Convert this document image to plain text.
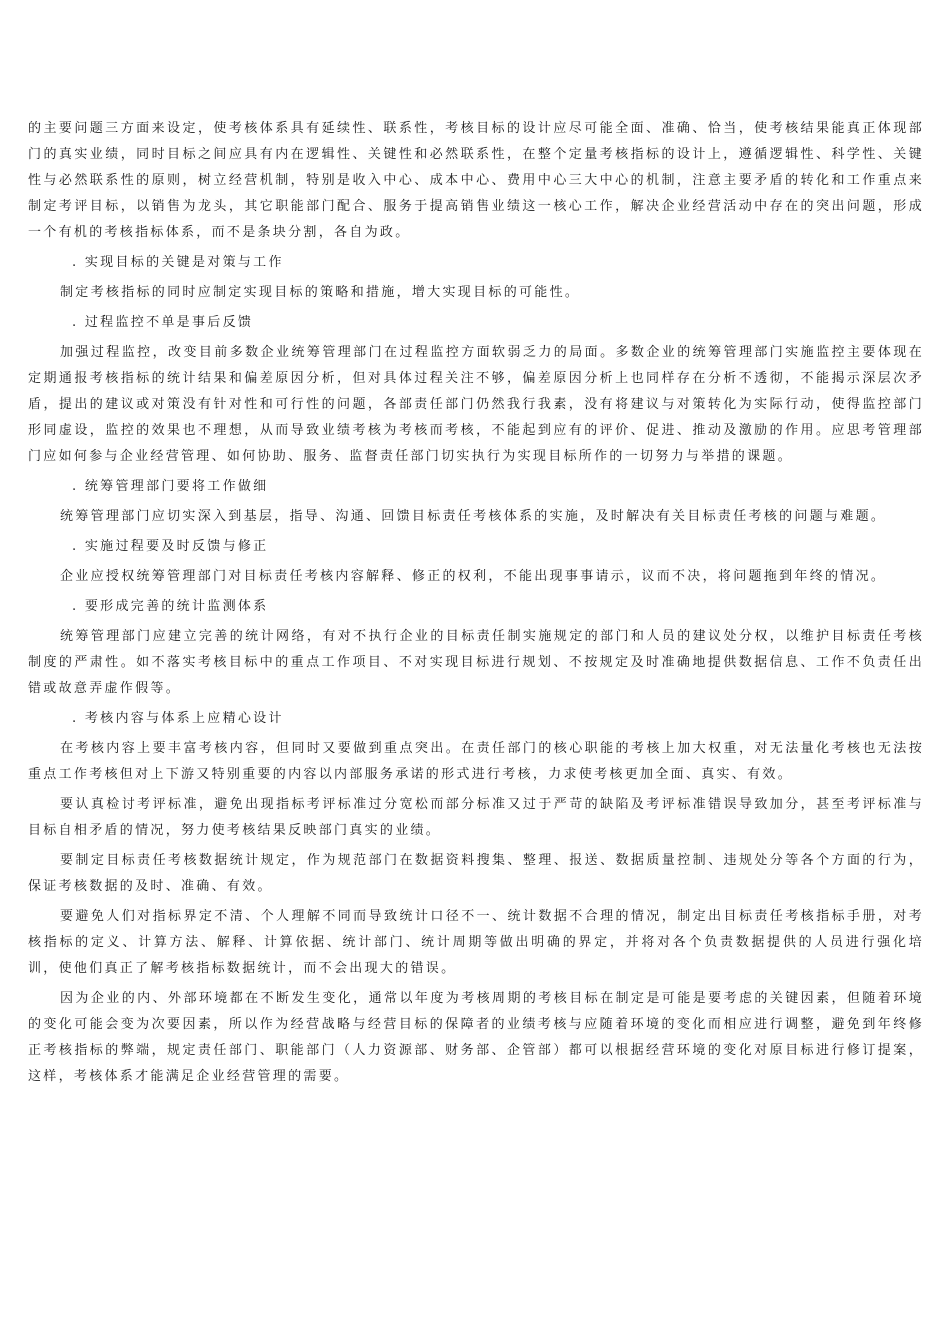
的主要问题三方面来设定，使考核体系具有延续性、联系性，考核目标的设计应尽可能全面、准确、恰当，使考核结果能真正体现部门的真实业绩，同时目标之间应具有内在逻辑性、关键性和必然联系性，在整个定量考核指标的设计上，遵循逻辑性、科学性、关键性与必然联系性的原则，树立经营机制，特别是收入中心、成本中心、费用中心三大中心的机制，注意主要矛盾的转化和工作重点来制定考评目标，以销售为龙头，其它职能部门配合、服务于提高销售业绩这一核心工作，解决企业经营活动中存在的突出问题，形成一个有机的考核指标体系，而不是条块分割，各自为政。

. 实现目标的关键是对策与工作

制定考核指标的同时应制定实现目标的策略和措施，增大实现目标的可能性。

. 过程监控不单是事后反馈

加强过程监控，改变目前多数企业统筹管理部门在过程监控方面软弱乏力的局面。多数企业的统筹管理部门实施监控主要体现在定期通报考核指标的统计结果和偏差原因分析，但对具体过程关注不够，偏差原因分析上也同样存在分析不透彻，不能揭示深层次矛盾，提出的建议或对策没有针对性和可行性的问题，各部责任部门仍然我行我素，没有将建议与对策转化为实际行动，使得监控部门形同虚设，监控的效果也不理想，从而导致业绩考核为考核而考核，不能起到应有的评价、促进、推动及激励的作用。应思考管理部门应如何参与企业经营管理、如何协助、服务、监督责任部门切实执行为实现目标所作的一切努力与举措的课题。

. 统筹管理部门要将工作做细

统筹管理部门应切实深入到基层，指导、沟通、回馈目标责任考核体系的实施，及时解决有关目标责任考核的问题与难题。

. 实施过程要及时反馈与修正

企业应授权统筹管理部门对目标责任考核内容解释、修正的权利，不能出现事事请示，议而不决，将问题拖到年终的情况。

. 要形成完善的统计监测体系

统筹管理部门应建立完善的统计网络，有对不执行企业的目标责任制实施规定的部门和人员的建议处分权，以维护目标责任考核制度的严肃性。如不落实考核目标中的重点工作项目、不对实现目标进行规划、不按规定及时准确地提供数据信息、工作不负责任出错或故意弄虚作假等。

. 考核内容与体系上应精心设计

在考核内容上要丰富考核内容，但同时又要做到重点突出。在责任部门的核心职能的考核上加大权重，对无法量化考核也无法按重点工作考核但对上下游又特别重要的内容以内部服务承诺的形式进行考核，力求使考核更加全面、真实、有效。

要认真检讨考评标准，避免出现指标考评标准过分宽松而部分标准又过于严苛的缺陷及考评标准错误导致加分，甚至考评标准与目标自相矛盾的情况，努力使考核结果反映部门真实的业绩。

要制定目标责任考核数据统计规定，作为规范部门在数据资料搜集、整理、报送、数据质量控制、违规处分等各个方面的行为，保证考核数据的及时、准确、有效。

要避免人们对指标界定不清、个人理解不同而导致统计口径不一、统计数据不合理的情况，制定出目标责任考核指标手册，对考核指标的定义、计算方法、解释、计算依据、统计部门、统计周期等做出明确的界定，并将对各个负责数据提供的人员进行强化培训，使他们真正了解考核指标数据统计，而不会出现大的错误。

因为企业的内、外部环境都在不断发生变化，通常以年度为考核周期的考核目标在制定是可能是要考虑的关键因素，但随着环境的变化可能会变为次要因素，所以作为经营战略与经营目标的保障者的业绩考核与应随着环境的变化而相应进行调整，避免到年终修正考核指标的弊端，规定责任部门、职能部门（人力资源部、财务部、企管部）都可以根据经营环境的变化对原目标进行修订提案，这样，考核体系才能满足企业经营管理的需要。
